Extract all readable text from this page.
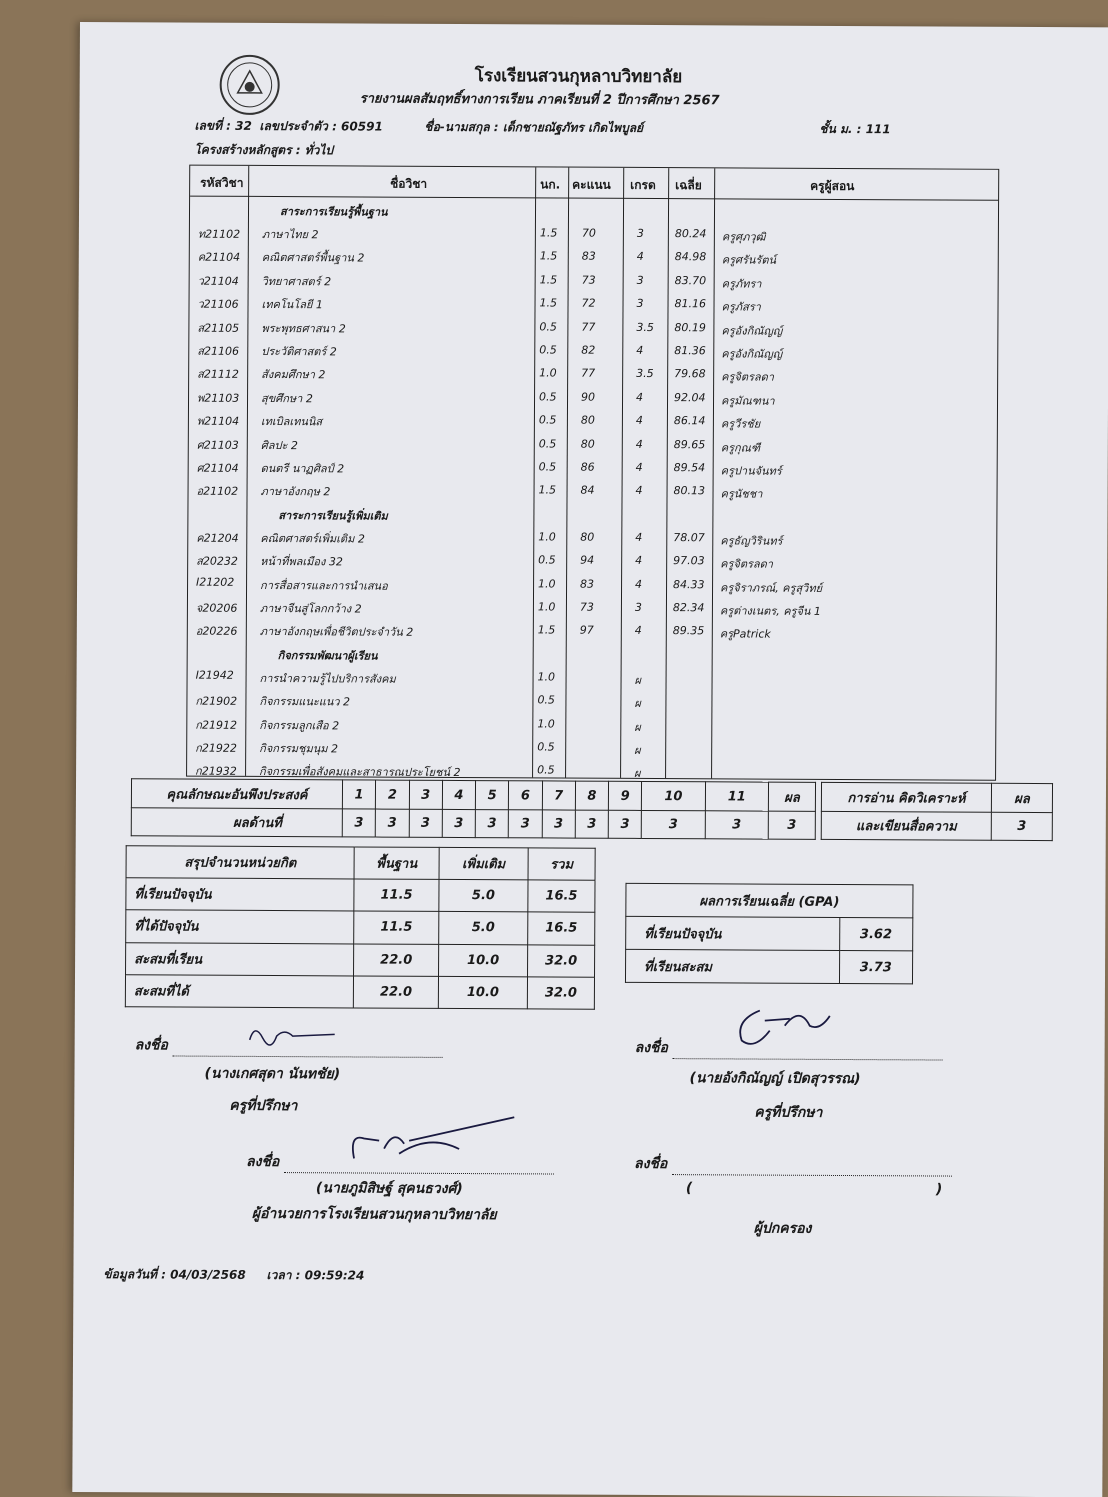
โรงเรียนสวนกุหลาบวิทยาลัย
รายงานผลสัมฤทธิ์ทางการเรียน ภาคเรียนที่ 2 ปีการศึกษา 2567
เลขที่ : 32 เลขประจำตัว : 60591	ชื่อ-นามสกุล : เด็กชายณัฐภัทร เกิดไพบูลย์	ชั้น ม. : 111
โครงสร้างหลักสูตร : ทั่วไป
รหัสวิชา	ชื่อวิชา	นก. คะแนน เกรด เฉลี่ย	ครูผู้สอน
สาระการเรียนรู้พื้นฐาน
ท21102 ภาษาไทย 2	1.5 70	3	80.24 ครูศุภวุฒิ
ค21104 คณิตศาสตร์พื้นฐาน 2	1.5 83	4	84.98 ครูศรันรัตน์
ว21104 วิทยาศาสตร์ 2	1.5 73	3	83.70 ครูภัทรา
ว21106 เทคโนโลยี 1	1.5 72	3	81.16 ครูภัสรา
ส21105 พระพุทธศาสนา 2	0.5 77	3.5 80.19 ครูอังกิณัญญ์
ส21106 ประวัติศาสตร์ 2	0.5 82	4	81.36 ครูอังกิณัญญ์
ส21112 สังคมศึกษา 2	1.0 77	3.5 79.68 ครูจิตรลดา
พ21103 สุขศึกษา 2	0.5 90	4	92.04 ครูมัณฑนา
พ21104 เทเบิลเทนนิส	0.5 80	4	86.14 ครูวีรชัย
ศ21103 ศิลปะ 2	0.5 80	4	89.65 ครูกุณฑี
ศ21104 ดนตรี นาฏศิลป์ 2	0.5 86	4	89.54 ครูปานจันทร์
อ21102 ภาษาอังกฤษ 2	1.5 84	4	80.13 ครูนัชชา
สาระการเรียนรู้เพิ่มเติม
ค21204 คณิตศาสตร์เพิ่มเติม 2	1.0 80	4	78.07 ครูธัญวิรินทร์
ส20232 หน้าที่พลเมือง 32	0.5 94	4	97.03 ครูจิตรลดา
I21202 การสื่อสารและการนำเสนอ	1.0 83	4	84.33 ครูจิราภรณ์, ครูสุวิทย์
จ20206 ภาษาจีนสู่โลกกว้าง 2	1.0 73	3	82.34 ครูต่างเนตร, ครูจีน 1
อ20226 ภาษาอังกฤษเพื่อชีวิตประจำวัน 2	1.5 97	4	89.35 ครูPatrick
กิจกรรมพัฒนาผู้เรียน
I21942 การนำความรู้ไปบริการสังคม	1.0	ผ
ก21902 กิจกรรมแนะแนว 2	0.5	ผ
ก21912 กิจกรรมลูกเสือ 2	1.0	ผ
ก21922 กิจกรรมชุมนุม 2	0.5	ผ
ก21932 กิจกรรมเพื่อสังคมและสาธารณประโยชน์ 2	0.5	ผ
คุณลักษณะอันพึงประสงค์	1	2	3	4	5	6	7	8	9	10	11	ผล
ผลด้านที่	3	3	3	3	3	3	3	3	3	3	3	3
การอ่าน คิดวิเคราะห์	ผล
และเขียนสื่อความ	3
สรุปจำนวนหน่วยกิต	พื้นฐาน	เพิ่มเติม	รวม
ที่เรียนปัจจุบัน	11.5	5.0	16.5
ที่ได้ปัจจุบัน	11.5	5.0	16.5
สะสมที่เรียน	22.0	10.0	32.0
สะสมที่ได้	22.0	10.0	32.0
ผลการเรียนเฉลี่ย (GPA)	
ที่เรียนปัจจุบัน	3.62
ที่เรียนสะสม	3.73
ลงชื่อ
(นางเกศสุดา นันทชัย)
ครูที่ปรึกษา
ลงชื่อ
(นายอังกิณัญญ์ เปิดสุวรรณ)
ครูที่ปรึกษา
ลงชื่อ
(นายภูมิสิษฐ์ สุคนธวงศ์)
ผู้อำนวยการโรงเรียนสวนกุหลาบวิทยาลัย
ลงชื่อ
(	)
ผู้ปกครอง
ข้อมูลวันที่ : 04/03/2568 เวลา : 09:59:24
